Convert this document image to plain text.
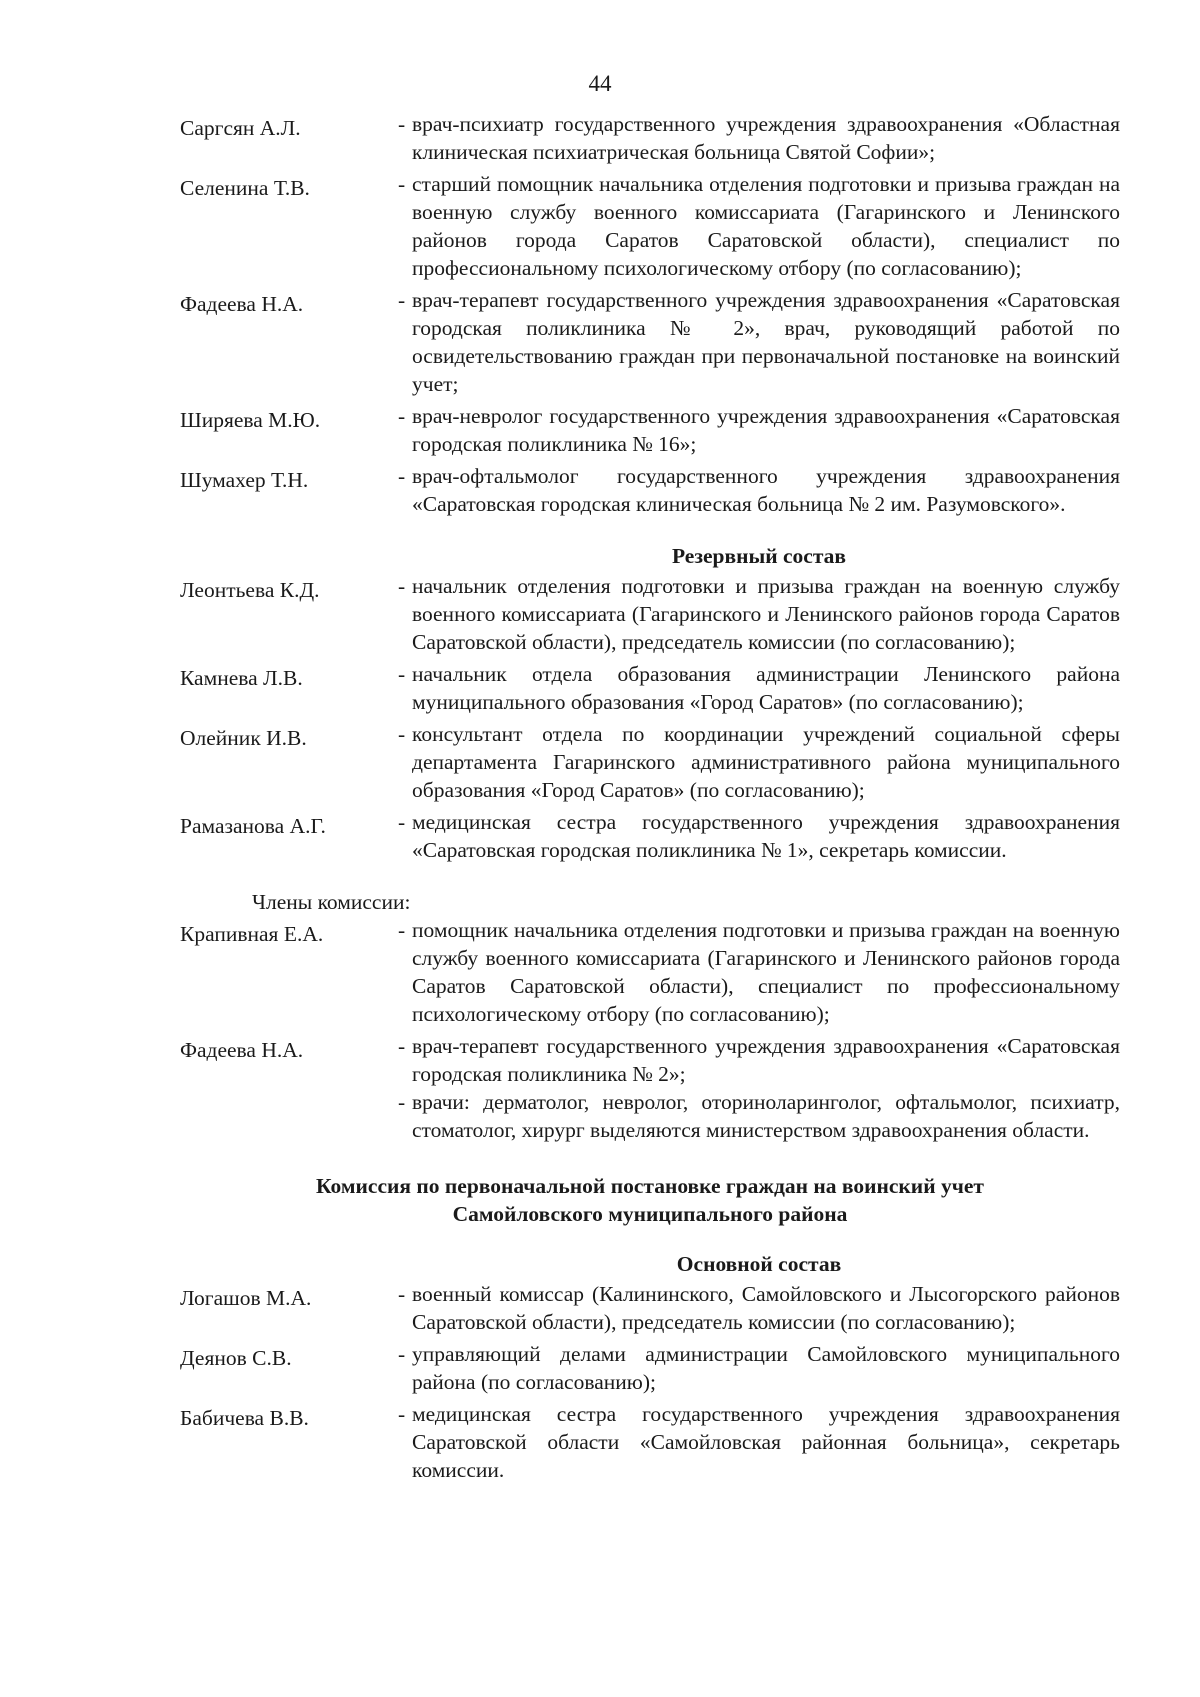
44
Саргсян А.Л.	- врач-психиатр государственного учреждения здравоохранения «Областная клиническая психиатрическая больница Святой Софии»;
Селенина Т.В.	- старший помощник начальника отделения подготовки и призыва граждан на военную службу военного комиссариата (Гагаринского и Ленинского районов города Саратов Саратовской области), специалист по профессиональному психологическому отбору (по согласованию);
Фадеева Н.А.	- врач-терапевт государственного учреждения здравоохранения «Саратовская городская поликлиника № 2», врач, руководящий работой по освидетельствованию граждан при первоначальной постановке на воинский учет;
Ширяева М.Ю.	- врач-невролог государственного учреждения здравоохранения «Саратовская городская поликлиника № 16»;
Шумахер Т.Н.	- врач-офтальмолог государственного учреждения здравоохранения «Саратовская городская клиническая больница № 2 им. Разумовского».
Резервный состав
Леонтьева К.Д.	- начальник отделения подготовки и призыва граждан на военную службу военного комиссариата (Гагаринского и Ленинского районов города Саратов Саратовской области), председатель комиссии (по согласованию);
Камнева Л.В.	- начальник отдела образования администрации Ленинского района муниципального образования «Город Саратов» (по согласованию);
Олейник И.В.	- консультант отдела по координации учреждений социальной сферы департамента Гагаринского административного района муниципального образования «Город Саратов» (по согласованию);
Рамазанова А.Г.	- медицинская сестра государственного учреждения здравоохранения «Саратовская городская поликлиника № 1», секретарь комиссии.
Члены комиссии:
Крапивная Е.А.	- помощник начальника отделения подготовки и призыва граждан на военную службу военного комиссариата (Гагаринского и Ленинского районов города Саратов Саратовской области), специалист по профессиональному психологическому отбору (по согласованию);
Фадеева Н.А.	- врач-терапевт государственного учреждения здравоохранения «Саратовская городская поликлиника № 2»;
- врачи: дерматолог, невролог, оториноларинголог, офтальмолог, психиатр, стоматолог, хирург выделяются министерством здравоохранения области.
Комиссия по первоначальной постановке граждан на воинский учет
Самойловского муниципального района
Основной состав
Логашов М.А.	- военный комиссар (Калининского, Самойловского и Лысогорского районов Саратовской области), председатель комиссии (по согласованию);
Деянов С.В.	- управляющий делами администрации Самойловского муниципального района (по согласованию);
Бабичева В.В.	- медицинская сестра государственного учреждения здравоохранения Саратовской области «Самойловская районная больница», секретарь комиссии.
